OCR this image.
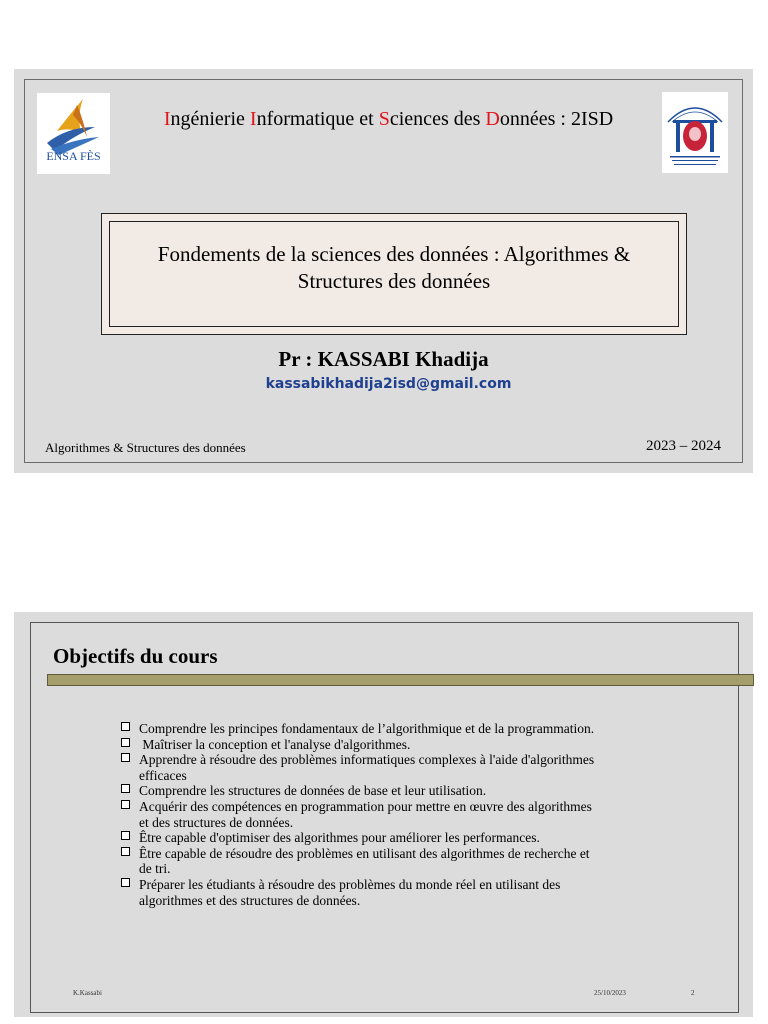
ENSA FÈS
Ingénierie Informatique et Sciences des Données : 2ISD
Fondements de la sciences des données : Algorithmes &
Structures des données
Pr : KASSABI Khadija
kassabikhadija2isd@gmail.com
Algorithmes & Structures des données	2023 – 2024
Objectifs du cours
Comprendre les principes fondamentaux de l’algorithmique et de la programmation.
Maîtriser la conception et l'analyse d'algorithmes.
Apprendre à résoudre des problèmes informatiques complexes à l'aide d'algorithmes
efficaces
Comprendre les structures de données de base et leur utilisation.
Acquérir des compétences en programmation pour mettre en œuvre des algorithmes
et des structures de données.
Être capable d'optimiser des algorithmes pour améliorer les performances.
Être capable de résoudre des problèmes en utilisant des algorithmes de recherche et
de tri.
Préparer les étudiants à résoudre des problèmes du monde réel en utilisant des
algorithmes et des structures de données.
K.Kassabi	25/10/2023	2
